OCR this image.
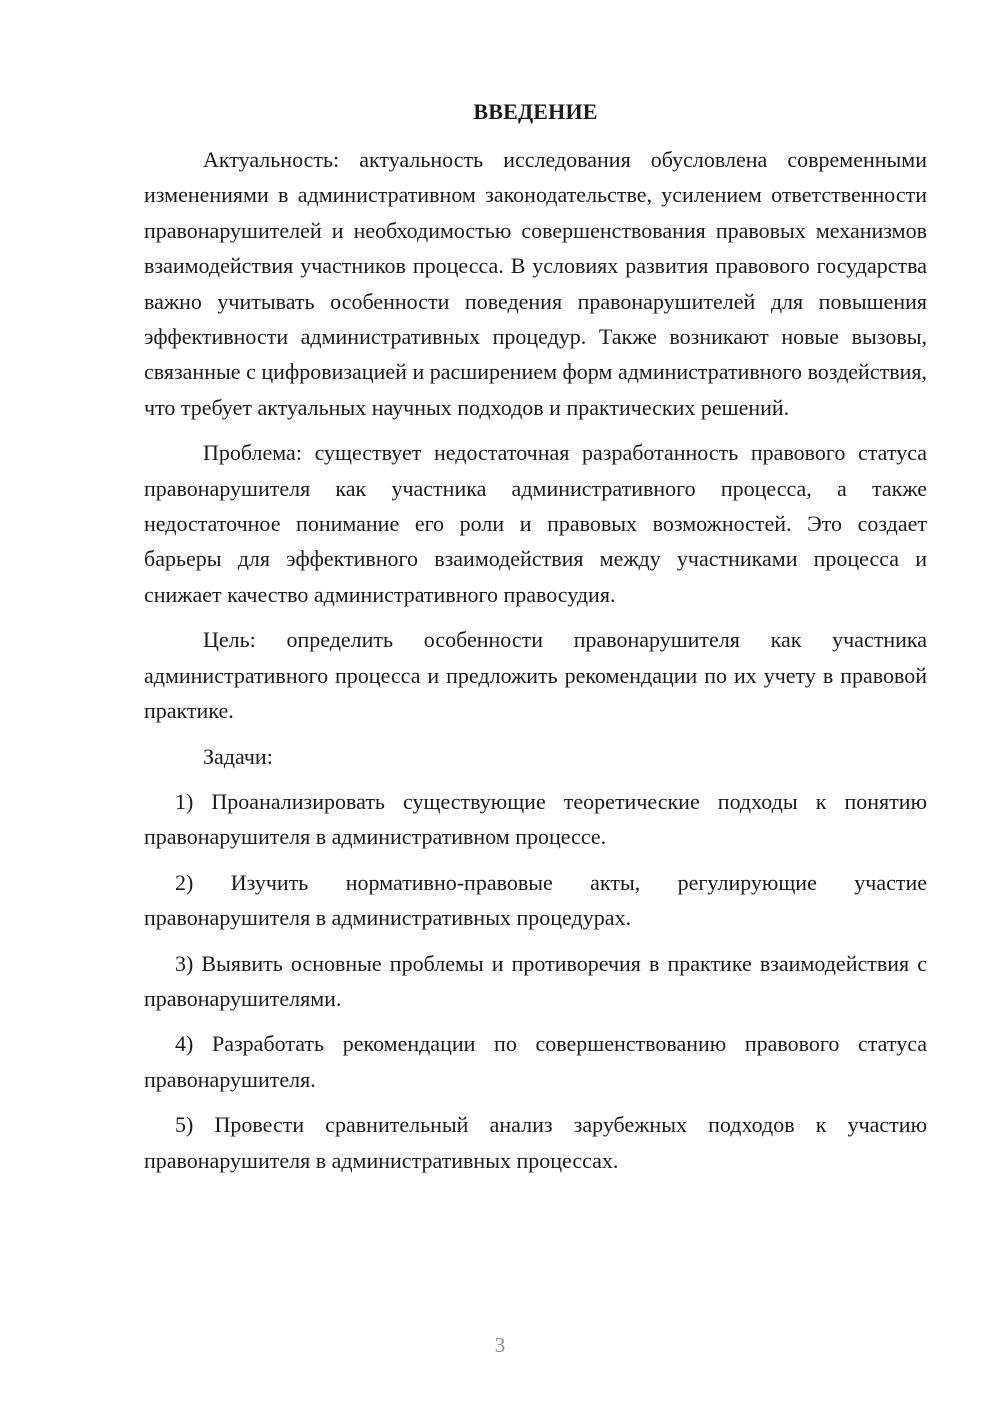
ВВЕДЕНИЕ

Актуальность: актуальность исследования обусловлена современными изменениями в административном законодательстве, усилением ответственности правонарушителей и необходимостью совершенствования правовых механизмов взаимодействия участников процесса. В условиях развития правового государства важно учитывать особенности поведения правонарушителей для повышения эффективности административных процедур. Также возникают новые вызовы, связанные с цифровизацией и расширением форм административного воздействия, что требует актуальных научных подходов и практических решений.

Проблема: существует недостаточная разработанность правового статуса правонарушителя как участника административного процесса, а также недостаточное понимание его роли и правовых возможностей. Это создает барьеры для эффективного взаимодействия между участниками процесса и снижает качество административного правосудия.

Цель: определить особенности правонарушителя как участника административного процесса и предложить рекомендации по их учету в правовой практике.

Задачи:

1) Проанализировать существующие теоретические подходы к понятию правонарушителя в административном процессе.

2) Изучить нормативно-правовые акты, регулирующие участие правонарушителя в административных процедурах.

3) Выявить основные проблемы и противоречия в практике взаимодействия с правонарушителями.

4) Разработать рекомендации по совершенствованию правового статуса правонарушителя.

5) Провести сравнительный анализ зарубежных подходов к участию правонарушителя в административных процессах.

3
